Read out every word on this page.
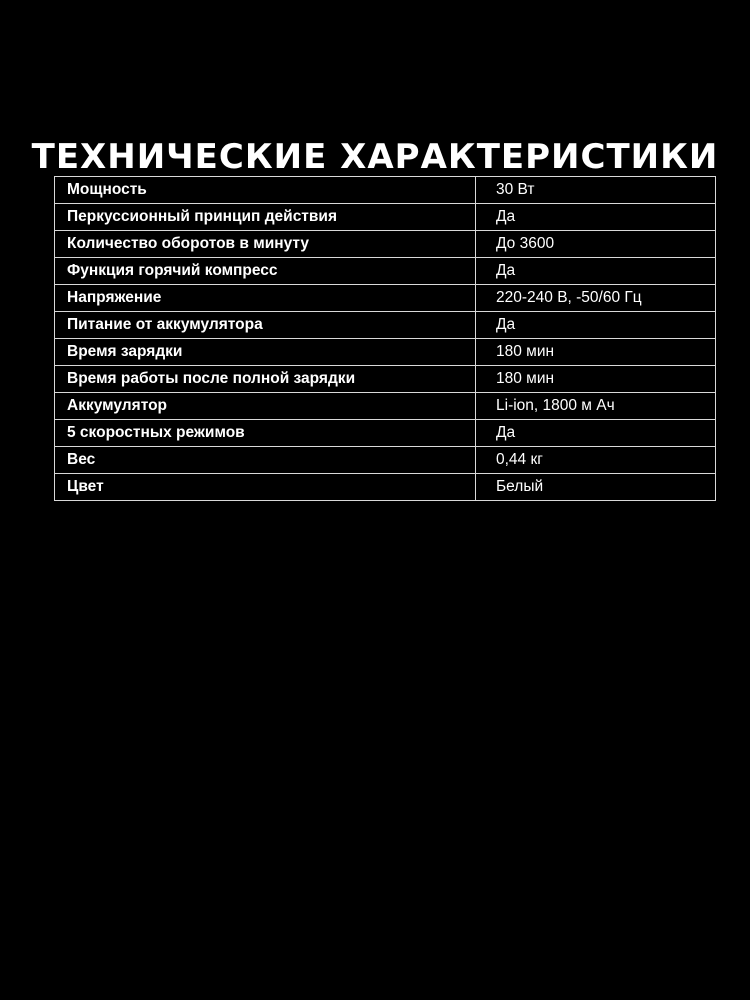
ТЕХНИЧЕСКИЕ ХАРАКТЕРИСТИКИ
Мощность	30 Вт
Перкуссионный принцип действия	Да
Количество оборотов в минуту	До 3600
Функция горячий компресс	Да
Напряжение	220-240 В, -50/60 Гц
Питание от аккумулятора	Да
Время зарядки	180 мин
Время работы после полной зарядки	180 мин
Аккумулятор	Li-ion, 1800 м Ач
5 скоростных режимов	Да
Вес	0,44 кг
Цвет	Белый
